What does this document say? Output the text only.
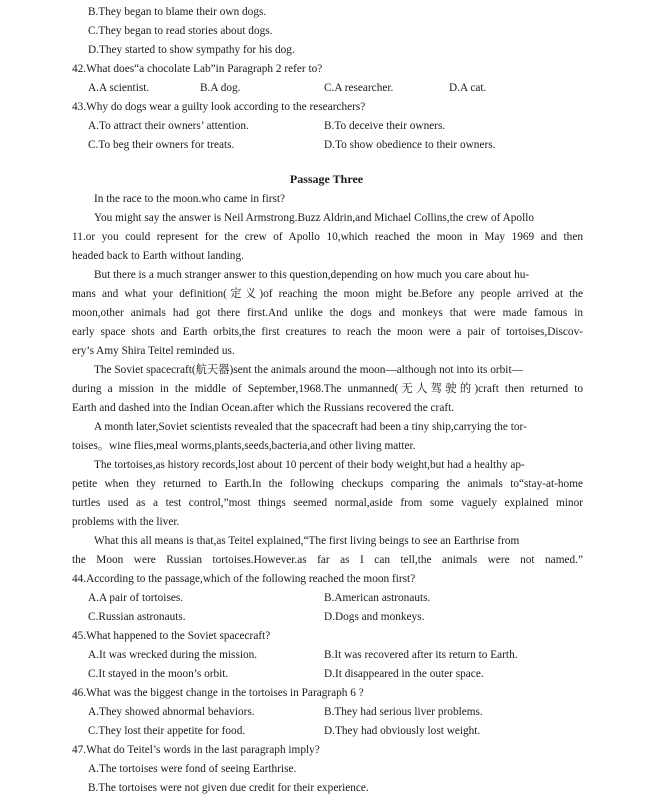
B.They began to blame their own dogs.
C.They began to read stories about dogs.
D.They started to show sympathy for his dog.
42.What does“a chocolate Lab”in Paragraph 2 refer to?
A.A scientist.	B.A dog.	C.A researcher.	D.A cat.
43.Why do dogs wear a guilty look according to the researchers?
A.To attract their owners’ attention.	B.To deceive their owners.
C.To beg their owners for treats.	D.To show obedience to their owners.
Passage Three
In the race to the moon.who came in first?
You might say the answer is Neil Armstrong.Buzz Aldrin,and Michael Collins,the crew of Apollo
11.or you could represent for the crew of Apollo 10,which reached the moon in May 1969 and then
headed back to Earth without landing.
But there is a much stranger answer to this question,depending on how much you care about hu-
mans and what your definition(定义)of reaching the moon might be.Before any people arrived at the
moon,other animals had got there first.And unlike the dogs and monkeys that were made famous in
early space shots and Earth orbits,the first creatures to reach the moon were a pair of tortoises,Discov-
ery’s Amy Shira Teitel reminded us.
The Soviet spacecraft(航天器)sent the animals around the moon—although not into its orbit—
during a mission in the middle of September,1968.The unmanned(无人驾驶的)craft then returned to
Earth and dashed into the Indian Ocean.after which the Russians recovered the craft.
A month later,Soviet scientists revealed that the spacecraft had been a tiny ship,carrying the tor-
toises。wine flies,meal worms,plants,seeds,bacteria,and other living matter.
The tortoises,as history records,lost about 10 percent of their body weight,but had a healthy ap-
petite when they returned to Earth.In the following checkups comparing the animals to“stay-at-home
turtles used as a test control,”most things seemed normal,aside from some vaguely explained minor
problems with the liver.
What this all means is that,as Teitel explained,“The first living beings to see an Earthrise from
the Moon were Russian tortoises.However.as far as I can tell,the animals were not named.”
44.According to the passage,which of the following reached the moon first?
A.A pair of tortoises.	B.American astronauts.
C.Russian astronauts.	D.Dogs and monkeys.
45.What happened to the Soviet spacecraft?
A.It was wrecked during the mission.	B.It was recovered after its return to Earth.
C.It stayed in the moon’s orbit.	D.It disappeared in the outer space.
46.What was the biggest change in the tortoises in Paragraph 6 ?
A.They showed abnormal behaviors.	B.They had serious liver problems.
C.They lost their appetite for food.	D.They had obviously lost weight.
47.What do Teitel’s words in the last paragraph imply?
A.The tortoises were fond of seeing Earthrise.
B.The tortoises were not given due credit for their experience.
